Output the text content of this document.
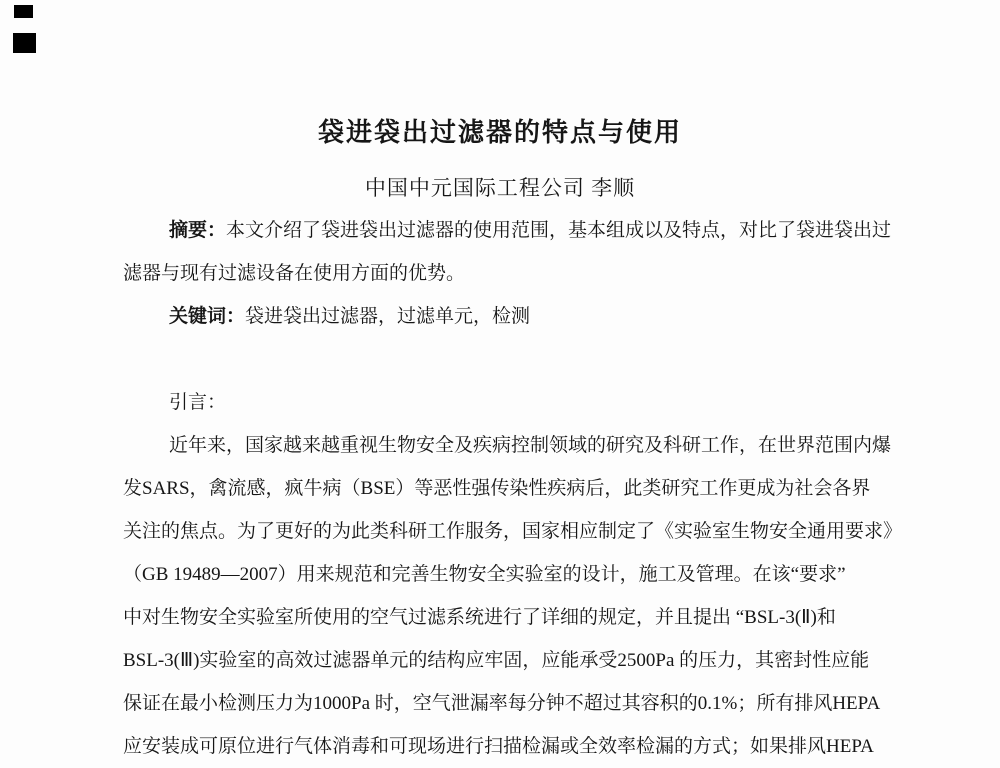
袋进袋出过滤器的特点与使用
中国中元国际工程公司 李顺
摘要：本文介绍了袋进袋出过滤器的使用范围，基本组成以及特点，对比了袋进袋出过
滤器与现有过滤设备在使用方面的优势。
关键词：袋进袋出过滤器，过滤单元，检测
引言：
近年来，国家越来越重视生物安全及疾病控制领域的研究及科研工作，在世界范围内爆
发SARS，禽流感，疯牛病（BSE）等恶性强传染性疾病后，此类研究工作更成为社会各界
关注的焦点。为了更好的为此类科研工作服务，国家相应制定了《实验室生物安全通用要求》
（GB 19489—2007）用来规范和完善生物安全实验室的设计，施工及管理。在该“要求”
中对生物安全实验室所使用的空气过滤系统进行了详细的规定，并且提出 “BSL-3(Ⅱ)和
BSL-3(Ⅲ)实验室的高效过滤器单元的结构应牢固，应能承受2500Pa 的压力，其密封性应能
保证在最小检测压力为1000Pa 时，空气泄漏率每分钟不超过其容积的0.1%；所有排风HEPA
应安装成可原位进行气体消毒和可现场进行扫描检漏或全效率检漏的方式；如果排风HEPA
